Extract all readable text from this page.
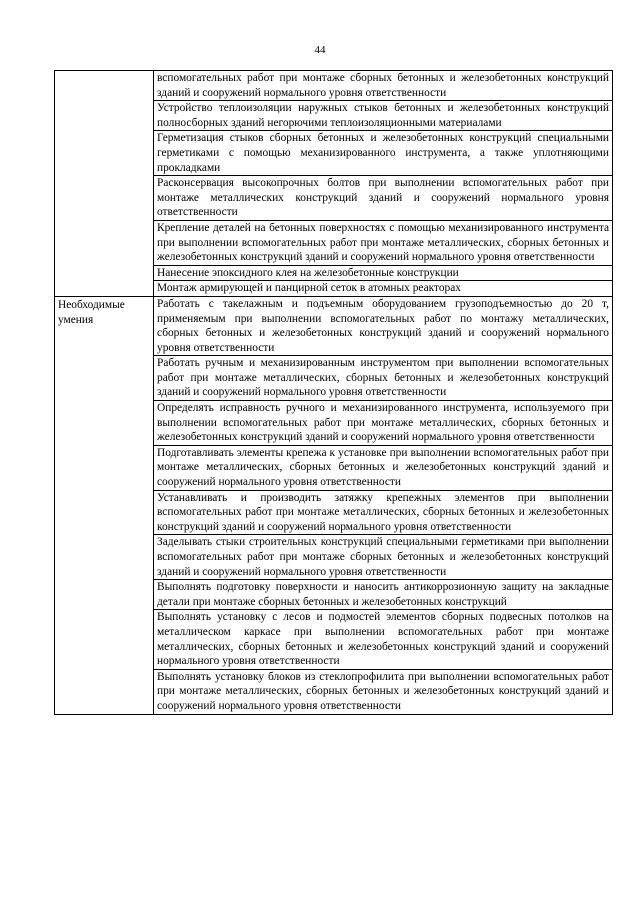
44

	вспомогательных работ при монтаже сборных бетонных и железобетонных конструкций зданий и сооружений нормального уровня ответственности

	Устройство теплоизоляции наружных стыков бетонных и железобетонных конструкций полносборных зданий негорючими теплоизоляционными материалами

	Герметизация стыков сборных бетонных и железобетонных конструкций специальными герметиками с помощью механизированного инструмента, а также уплотняющими прокладками

	Расконсервация высокопрочных болтов при выполнении вспомогательных работ при монтаже металлических конструкций зданий и сооружений нормального уровня ответственности

	Крепление деталей на бетонных поверхностях с помощью механизированного инструмента при выполнении вспомогательных работ при монтаже металлических, сборных бетонных и железобетонных конструкций зданий и сооружений нормального уровня ответственности

	Нанесение эпоксидного клея на железобетонные конструкции

	Монтаж армирующей и панцирной сеток в атомных реакторах

Необходимые умения	Работать с такелажным и подъемным оборудованием грузоподъемностью до 20 т, применяемым при выполнении вспомогательных работ по монтажу металлических, сборных бетонных и железобетонных конструкций зданий и сооружений нормального уровня ответственности

	Работать ручным и механизированным инструментом при выполнении вспомогательных работ при монтаже металлических, сборных бетонных и железобетонных конструкций зданий и сооружений нормального уровня ответственности

	Определять исправность ручного и механизированного инструмента, используемого при выполнении вспомогательных работ при монтаже металлических, сборных бетонных и железобетонных конструкций зданий и сооружений нормального уровня ответственности

	Подготавливать элементы крепежа к установке при выполнении вспомогательных работ при монтаже металлических, сборных бетонных и железобетонных конструкций зданий и сооружений нормального уровня ответственности

	Устанавливать и производить затяжку крепежных элементов при выполнении вспомогательных работ при монтаже металлических, сборных бетонных и железобетонных конструкций зданий и сооружений нормального уровня ответственности

	Заделывать стыки строительных конструкций специальными герметиками при выполнении вспомогательных работ при монтаже сборных бетонных и железобетонных конструкций зданий и сооружений нормального уровня ответственности

	Выполнять подготовку поверхности и наносить антикоррозионную защиту на закладные детали при монтаже сборных бетонных и железобетонных конструкций

	Выполнять установку с лесов и подмостей элементов сборных подвесных потолков на металлическом каркасе при выполнении вспомогательных работ при монтаже металлических, сборных бетонных и железобетонных конструкций зданий и сооружений нормального уровня ответственности

	Выполнять установку блоков из стеклопрофилита при выполнении вспомогательных работ при монтаже металлических, сборных бетонных и железобетонных конструкций зданий и сооружений нормального уровня ответственности
